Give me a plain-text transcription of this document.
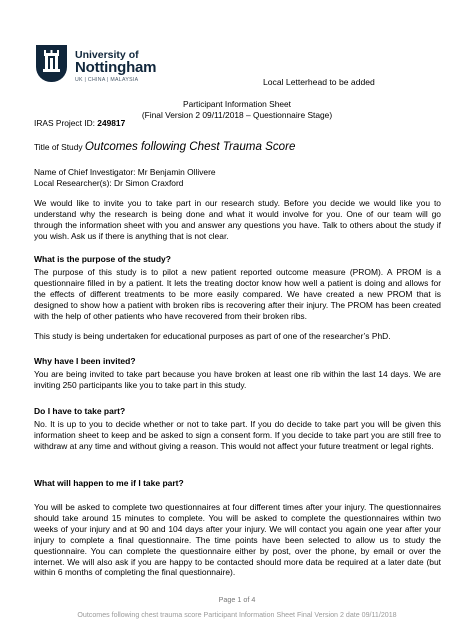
University of
Nottingham
UK | CHINA | MALAYSIA	Local Letterhead to be added
Participant Information Sheet
(Final Version 2 09/11/2018 – Questionnaire Stage)
IRAS Project ID: 249817
Title of Study Outcomes following Chest Trauma Score
Name of Chief Investigator: Mr Benjamin Ollivere
Local Researcher(s): Dr Simon Craxford

We would like to invite you to take part in our research study. Before you decide we would like you to understand why the research is being done and what it would involve for you. One of our team will go through the information sheet with you and answer any questions you have. Talk to others about the study if you wish. Ask us if there is anything that is not clear.

What is the purpose of the study?

The purpose of this study is to pilot a new patient reported outcome measure (PROM). A PROM is a questionnaire filled in by a patient. It lets the treating doctor know how well a patient is doing and allows for the effects of different treatments to be more easily compared. We have created a new PROM that is designed to show how a patient with broken ribs is recovering after their injury. The PROM has been created with the help of other patients who have recovered from their broken ribs.

This study is being undertaken for educational purposes as part of one of the researcher’s PhD.

Why have I been invited?

You are being invited to take part because you have broken at least one rib within the last 14 days. We are inviting 250 participants like you to take part in this study.

Do I have to take part?

No. It is up to you to decide whether or not to take part. If you do decide to take part you will be given this information sheet to keep and be asked to sign a consent form. If you decide to take part you are still free to withdraw at any time and without giving a reason. This would not affect your future treatment or legal rights.

What will happen to me if I take part?

You will be asked to complete two questionnaires at four different times after your injury. The questionnaires should take around 15 minutes to complete. You will be asked to complete the questionnaires within two weeks of your injury and at 90 and 104 days after your injury. We will contact you again one year after your injury to complete a final questionnaire. The time points have been selected to allow us to study the questionnaire. You can complete the questionnaire either by post, over the phone, by email or over the internet. We will also ask if you are happy to be contacted should more data be required at a later date (but within 6 months of completing the final questionnaire).

Page 1 of 4
Outcomes following chest trauma score Participant Information Sheet Final Version 2 date 09/11/2018
